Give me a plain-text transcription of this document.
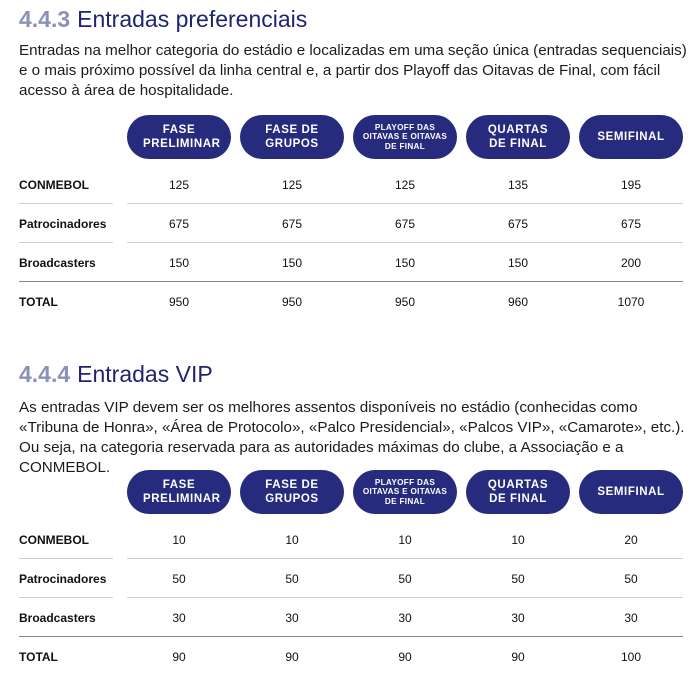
4.4.3 Entradas preferenciais

Entradas na melhor categoria do estádio e localizadas em uma seção única (entradas sequenciais) e o mais próximo possível da linha central e, a partir dos Playoff das Oitavas de Final, com fácil acesso à área de hospitalidade.

FASE PRELIMINAR
FASE DE GRUPOS
PLAYOFF DAS OITAVAS E OITAVAS DE FINAL
QUARTAS DE FINAL
SEMIFINAL
CONMEBOL	125	125	125	135	195
Patrocinadores	675	675	675	675	675
Broadcasters	150	150	150	150	200
TOTAL	950	950	950	960	1070
4.4.4 Entradas VIP

As entradas VIP devem ser os melhores assentos disponíveis no estádio (conhecidas como «Tribuna de Honra», «Área de Protocolo», «Palco Presidencial», «Palcos VIP», «Camarote», etc.). Ou seja, na categoria reservada para as autoridades máximas do clube, a Associação e a CONMEBOL.

FASE PRELIMINAR
FASE DE GRUPOS
PLAYOFF DAS OITAVAS E OITAVAS DE FINAL
QUARTAS DE FINAL
SEMIFINAL
CONMEBOL	10	10	10	10	20
Patrocinadores	50	50	50	50	50
Broadcasters	30	30	30	30	30
TOTAL	90	90	90	90	100
